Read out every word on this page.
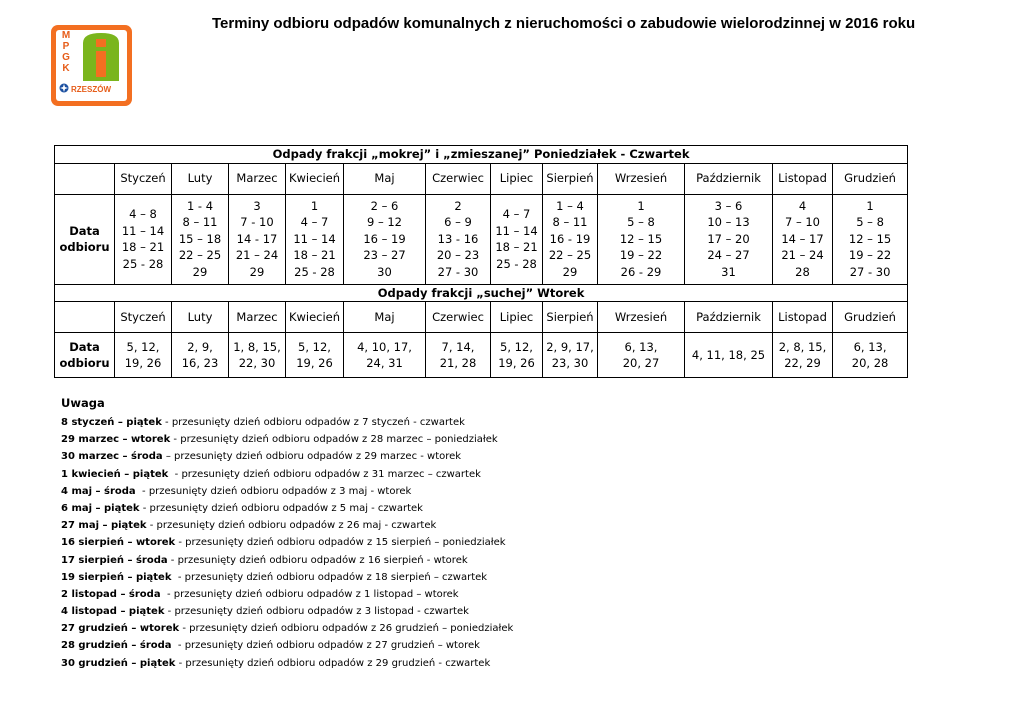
Terminy odbioru odpadów komunalnych z nieruchomości o zabudowie wielorodzinnej w 2016 roku
M
P
G
K
RZESZÓW
Odpady frakcji „mokrej” i „zmieszanej” Poniedziałek - Czwartek												
	Styczeń	Luty	Marzec	Kwiecień	Maj	Czerwiec	Lipiec	Sierpień	Wrzesień	Październik	Listopad	Grudzień
Data odbioru	4 – 8
11 – 14
18 – 21
25 - 28	1 - 4
8 – 11
15 – 18
22 – 25
29	3
7 - 10
14 - 17
21 – 24
29	1
4 – 7
11 – 14
18 – 21
25 - 28	2 – 6
9 – 12
16 – 19
23 – 27
30	2
6 – 9
13 - 16
20 – 23
27 - 30	4 – 7
11 – 14
18 – 21
25 - 28	1 – 4
8 – 11
16 - 19
22 – 25
29	1
5 – 8
12 – 15
19 – 22
26 - 29	3 – 6
10 – 13
17 – 20
24 – 27
31	4
7 – 10
14 – 17
21 – 24
28	1
5 – 8
12 – 15
19 – 22
27 - 30
Odpady frakcji „suchej” Wtorek												
	Styczeń	Luty	Marzec	Kwiecień	Maj	Czerwiec	Lipiec	Sierpień	Wrzesień	Październik	Listopad	Grudzień
Data odbioru	5, 12,
19, 26	2, 9,
16, 23	1, 8, 15,
22, 30	5, 12,
19, 26	4, 10, 17,
24, 31	7, 14,
21, 28	5, 12,
19, 26	2, 9, 17,
23, 30	6, 13,
20, 27	4, 11, 18, 25	2, 8, 15,
22, 29	6, 13,
20, 28
Uwaga
8 styczeń – piątek - przesunięty dzień odbioru odpadów z 7 styczeń - czwartek
29 marzec – wtorek - przesunięty dzień odbioru odpadów z 28 marzec – poniedziałek
30 marzec – środa – przesunięty dzień odbioru odpadów z 29 marzec - wtorek
1 kwiecień – piątek  - przesunięty dzień odbioru odpadów z 31 marzec – czwartek
4 maj – środa  - przesunięty dzień odbioru odpadów z 3 maj - wtorek
6 maj – piątek - przesunięty dzień odbioru odpadów z 5 maj - czwartek
27 maj – piątek - przesunięty dzień odbioru odpadów z 26 maj - czwartek
16 sierpień – wtorek - przesunięty dzień odbioru odpadów z 15 sierpień – poniedziałek
17 sierpień – środa - przesunięty dzień odbioru odpadów z 16 sierpień - wtorek
19 sierpień – piątek  - przesunięty dzień odbioru odpadów z 18 sierpień – czwartek
2 listopad – środa  - przesunięty dzień odbioru odpadów z 1 listopad – wtorek
4 listopad – piątek - przesunięty dzień odbioru odpadów z 3 listopad - czwartek
27 grudzień – wtorek - przesunięty dzień odbioru odpadów z 26 grudzień – poniedziałek
28 grudzień – środa  - przesunięty dzień odbioru odpadów z 27 grudzień – wtorek
30 grudzień – piątek - przesunięty dzień odbioru odpadów z 29 grudzień - czwartek
